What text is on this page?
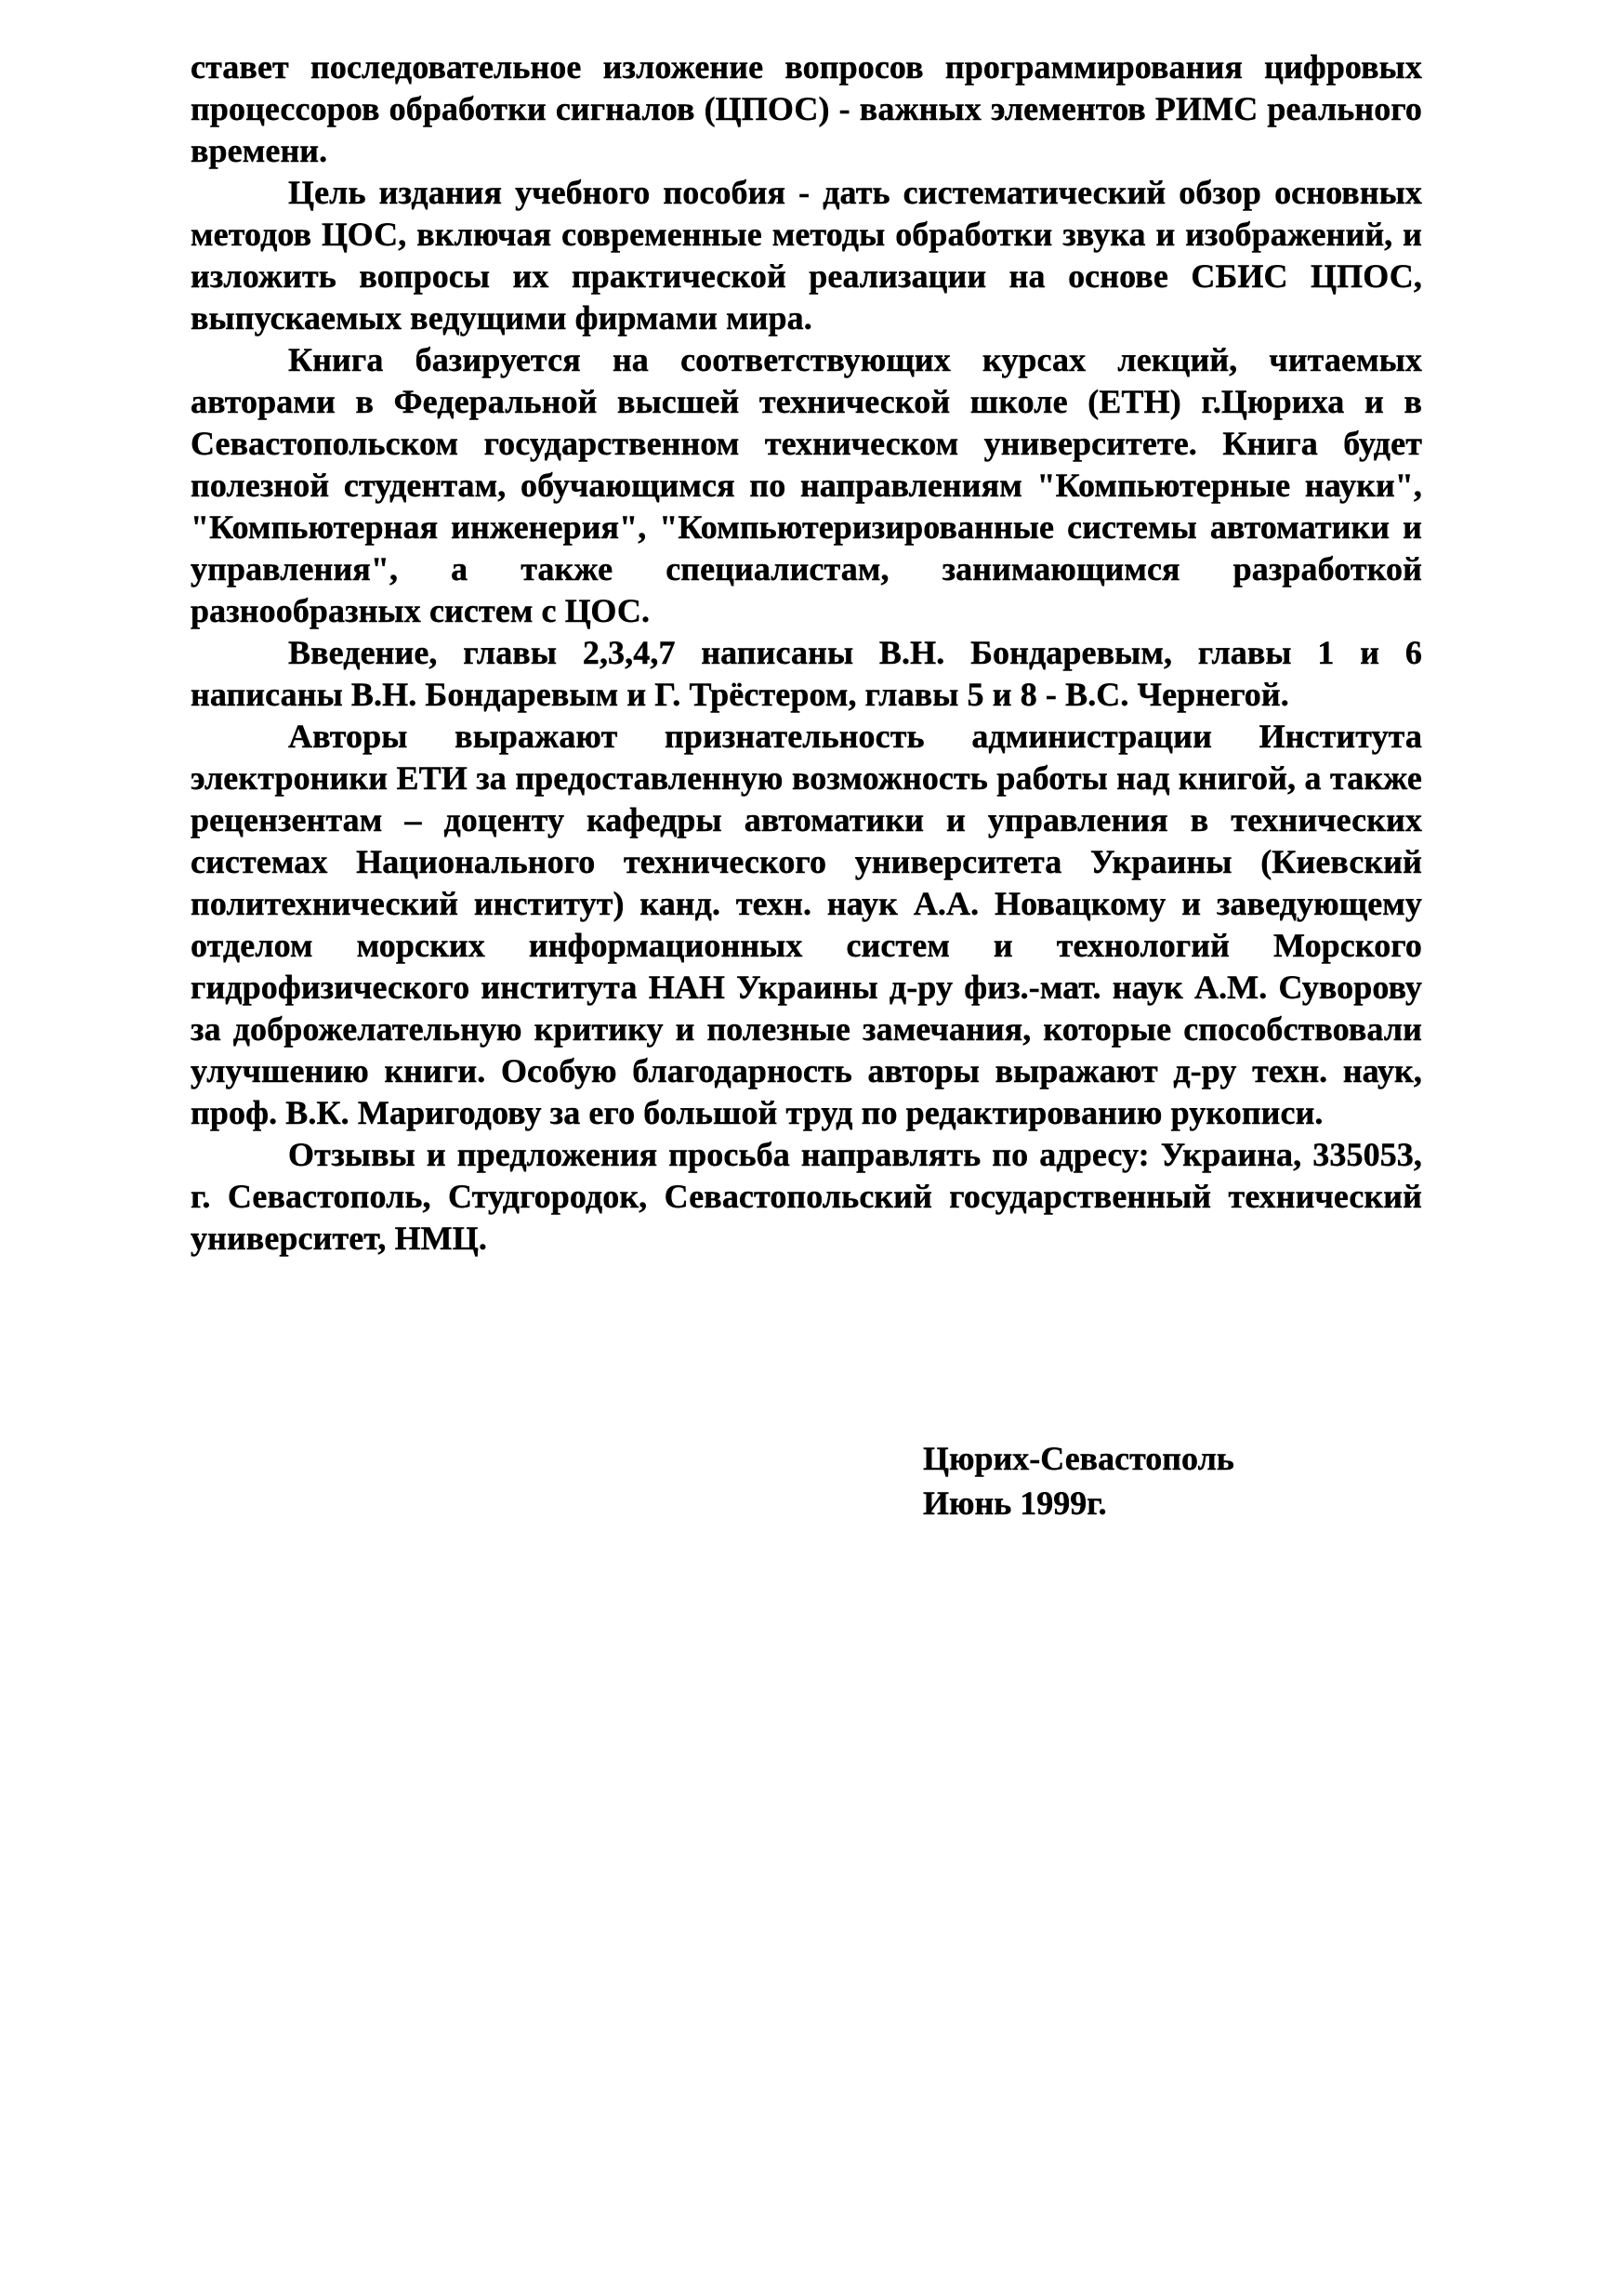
ставет последовательное изложение вопросов программирования цифровых процессоров обработки сигналов (ЦПОС) - важных элементов РИМС реального времени.

Цель издания учебного пособия - дать систематический обзор основных методов ЦОС, включая современные методы обработки звука и изображений, и изложить вопросы их практической реализации на основе СБИС ЦПОС, выпускаемых ведущими фирмами мира.

Книга базируется на соответствующих курсах лекций, читаемых авторами в Федеральной высшей технической школе (ETH) г.Цюриха и в Севастопольском государственном техническом университете. Книга будет полезной студентам, обучающимся по направлениям "Компьютерные науки", "Компьютерная инженерия", "Компьютеризированные системы автоматики и управления", а также специалистам, занимающимся разработкой разнообразных систем с ЦОС.

Введение, главы 2,3,4,7 написаны В.Н. Бондаревым, главы 1 и 6 написаны В.Н. Бондаревым и Г. Трёстером, главы 5 и 8 - В.С. Чернегой.

Авторы выражают признательность администрации Института электроники ЕТИ за предоставленную возможность работы над книгой, а также рецензентам – доценту кафедры автоматики и управления в технических системах Национального технического университета Украины (Киевский политехнический институт) канд. техн. наук А.А. Новацкому и заведующему отделом морских информационных систем и технологий Морского гидрофизического института НАН Украины д-ру физ.-мат. наук А.М. Суворову за доброжелательную критику и полезные замечания, которые способствовали улучшению книги. Особую благодарность авторы выражают д-ру техн. наук, проф. В.К. Маригодову за его большой труд по редактированию рукописи.

Отзывы и предложения просьба направлять по адресу: Украина, 335053, г. Севастополь, Студгородок, Севастопольский государственный технический университет, НМЦ.

Цюрих-Севастополь
Июнь 1999г.
